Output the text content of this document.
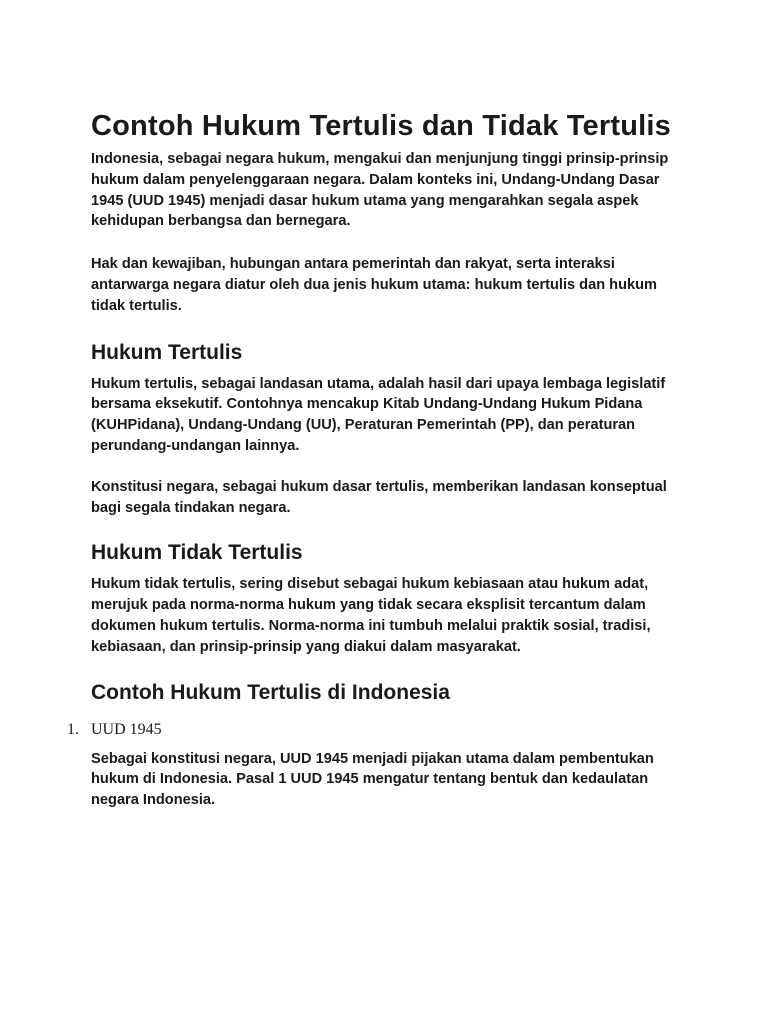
Contoh Hukum Tertulis dan Tidak Tertulis

Indonesia, sebagai negara hukum, mengakui dan menjunjung tinggi prinsip-prinsip hukum dalam penyelenggaraan negara. Dalam konteks ini, Undang-Undang Dasar 1945 (UUD 1945) menjadi dasar hukum utama yang mengarahkan segala aspek kehidupan berbangsa dan bernegara.

Hak dan kewajiban, hubungan antara pemerintah dan rakyat, serta interaksi antarwarga negara diatur oleh dua jenis hukum utama: hukum tertulis dan hukum tidak tertulis.

Hukum Tertulis

Hukum tertulis, sebagai landasan utama, adalah hasil dari upaya lembaga legislatif bersama eksekutif. Contohnya mencakup Kitab Undang-Undang Hukum Pidana (KUHPidana), Undang-Undang (UU), Peraturan Pemerintah (PP), dan peraturan perundang-undangan lainnya.

Konstitusi negara, sebagai hukum dasar tertulis, memberikan landasan konseptual bagi segala tindakan negara.

Hukum Tidak Tertulis

Hukum tidak tertulis, sering disebut sebagai hukum kebiasaan atau hukum adat, merujuk pada norma-norma hukum yang tidak secara eksplisit tercantum dalam dokumen hukum tertulis. Norma-norma ini tumbuh melalui praktik sosial, tradisi, kebiasaan, dan prinsip-prinsip yang diakui dalam masyarakat.

Contoh Hukum Tertulis di Indonesia
1. UUD 1945

Sebagai konstitusi negara, UUD 1945 menjadi pijakan utama dalam pembentukan hukum di Indonesia. Pasal 1 UUD 1945 mengatur tentang bentuk dan kedaulatan negara Indonesia.
